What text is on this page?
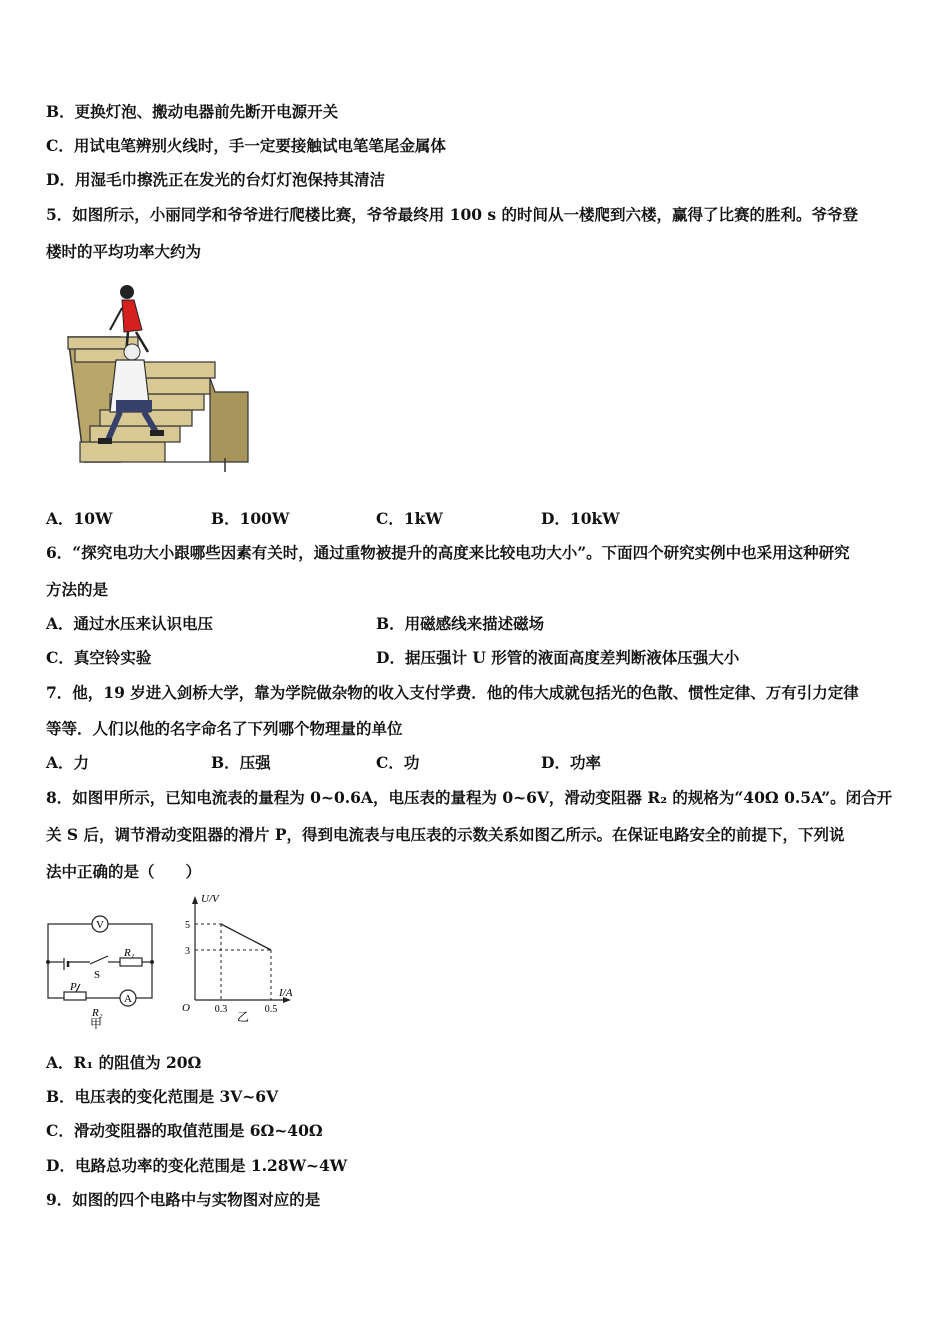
B．更换灯泡、搬动电器前先断开电源开关
C．用试电笔辨别火线时，手一定要接触试电笔笔尾金属体
D．用湿毛巾擦洗正在发光的台灯灯泡保持其清洁
5．如图所示，小丽同学和爷爷进行爬楼比赛，爷爷最终用 100 s 的时间从一楼爬到六楼，赢得了比赛的胜利。爷爷登
楼时的平均功率大约为
A．10W	B．100W	C．1kW	D．10kW
6．“探究电功大小跟哪些因素有关时，通过重物被提升的高度来比较电功大小”。下面四个研究实例中也采用这种研究
方法的是
A．通过水压来认识电压	B．用磁感线来描述磁场
C．真空铃实验	D．据压强计 U 形管的液面高度差判断液体压强大小
7．他，19 岁进入剑桥大学，靠为学院做杂物的收入支付学费．他的伟大成就包括光的色散、惯性定律、万有引力定律
等等．人们以他的名字命名了下列哪个物理量的单位
A．力	B．压强	C．功	D．功率
8．如图甲所示，已知电流表的量程为 0~0.6A，电压表的量程为 0~6V，滑动变阻器 R₂ 的规格为“40Ω 0.5A”。闭合开
关 S 后，调节滑动变阻器的滑片 P，得到电流表与电压表的示数关系如图乙所示。在保证电路安全的前提下，下列说
法中正确的是（　　）
V
A
R₁
R₂
S
P
甲
U/V
I/A
O
5
3
0.3	0.5
乙
A．R₁ 的阻值为 20Ω
B．电压表的变化范围是 3V~6V
C．滑动变阻器的取值范围是 6Ω~40Ω
D．电路总功率的变化范围是 1.28W~4W
9．如图的四个电路中与实物图对应的是
